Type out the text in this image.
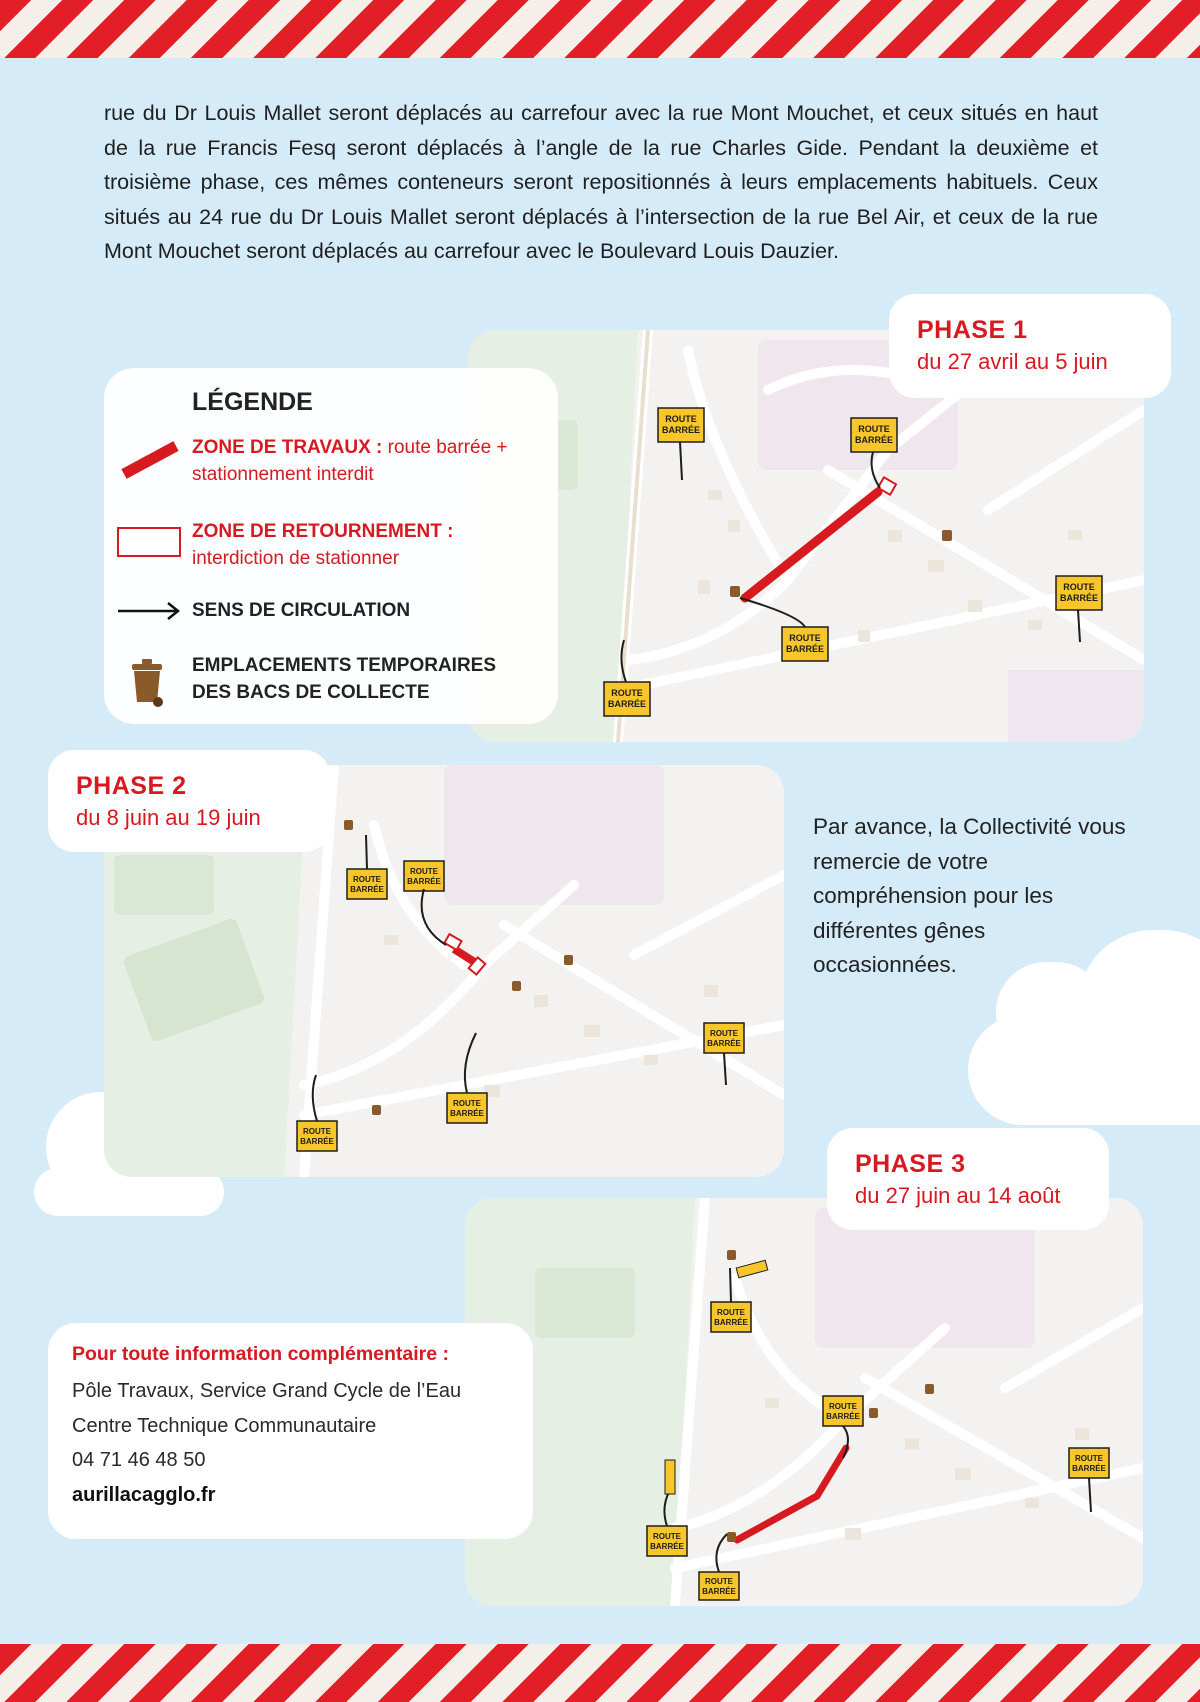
rue du Dr Louis Mallet seront déplacés au carrefour avec la rue Mont Mouchet, et ceux situés en haut de la rue Francis Fesq seront déplacés à l’angle de la rue Charles Gide. Pendant la deuxième et troisième phase, ces mêmes conteneurs seront repositionnés à leurs emplacements habituels. Ceux situés au 24 rue du Dr Louis Mallet seront déplacés à l’intersection de la rue Bel Air, et ceux de la rue Mont Mouchet seront déplacés au carrefour avec le Boulevard Louis Dauzier.

ROUTE
BARRÉE	ROUTE
BARRÉE
ROUTE
BARRÉE
ROUTE
BARRÉE
ROUTE
BARRÉE
PHASE 1
du 27 avril au 5 juin
LÉGENDE
ZONE DE TRAVAUX : route barrée +
stationnement interdit
ZONE DE RETOURNEMENT :
interdiction de stationner
SENS DE CIRCULATION
EMPLACEMENTS TEMPORAIRES
DES BACS DE COLLECTE
ROUTE
BARRÉE
ROUTE
BARRÉE
ROUTE
BARRÉE
ROUTE
BARRÉE
ROUTE
BARRÉE
PHASE 2
du 8 juin au 19 juin	Par avance, la Collectivité vous remercie de votre compréhension pour les différentes gênes occasionnées.

ROUTE
BARRÉE
ROUTE
BARRÉE
ROUTE
BARRÉE
ROUTE
BARRÉE
ROUTE
BARRÉE
PHASE 3
du 27 juin au 14 août
Pour toute information complémentaire :
Pôle Travaux, Service Grand Cycle de l’Eau
Centre Technique Communautaire
04 71 46 48 50
aurillacagglo.fr
